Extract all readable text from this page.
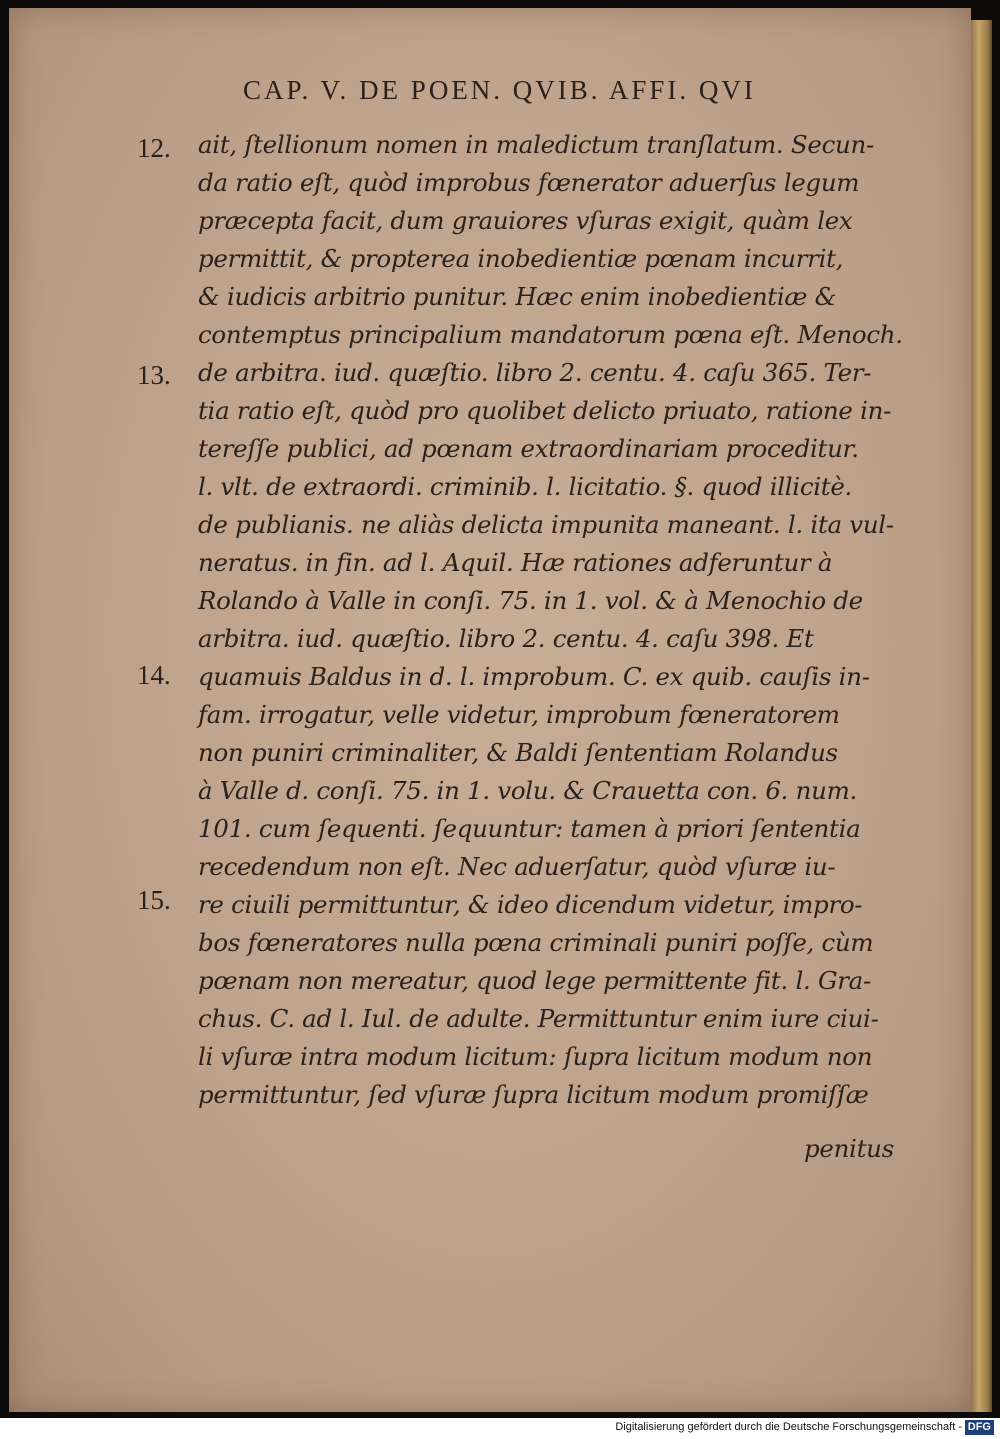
CAP. V. DE POEN. QVIB. AFFI. QVI
12.
13.
14.
15.
ait, ſtellionum nomen in maledictum tranſlatum. Secun-
da ratio eſt, quòd improbus fœnerator aduerſus legum
præcepta facit, dum grauiores vſuras exigit, quàm lex
permittit, & propterea inobedientiæ pœnam incurrit,
& iudicis arbitrio punitur. Hæc enim inobedientiæ &
contemptus principalium mandatorum pœna eſt. Menoch.
de arbitra. iud. quæſtio. libro 2. centu. 4. caſu 365. Ter-
tia ratio eſt, quòd pro quolibet delicto priuato, ratione in-
tereſſe publici, ad pœnam extraordinariam proceditur.
l. vlt. de extraordi. criminib. l. licitatio. §. quod illicitè.
de publianis. ne aliàs delicta impunita maneant. l. ita vul-
neratus. in fin. ad l. Aquil. Hæ rationes adferuntur à
Rolando à Valle in conſi. 75. in 1. vol. & à Menochio de
arbitra. iud. quæſtio. libro 2. centu. 4. caſu 398. Et
quamuis Baldus in d. l. improbum. C. ex quib. cauſis in-
fam. irrogatur, velle videtur, improbum fœneratorem
non puniri criminaliter, & Baldi ſententiam Rolandus
à Valle d. conſi. 75. in 1. volu. & Crauetta con. 6. num.
101. cum ſequenti. ſequuntur: tamen à priori ſententia
recedendum non eſt. Nec aduerſatur, quòd vſuræ iu-
re ciuili permittuntur, & ideo dicendum videtur, impro-
bos fœneratores nulla pœna criminali puniri poſſe, cùm
pœnam non mereatur, quod lege permittente fit. l. Gra-
chus. C. ad l. Iul. de adulte. Permittuntur enim iure ciui-
li vſuræ intra modum licitum: ſupra licitum modum non
permittuntur, ſed vſuræ ſupra licitum modum promiſſæ
penitus
Digitalisierung gefördert durch die Deutsche Forschungsgemeinschaft - DFG
